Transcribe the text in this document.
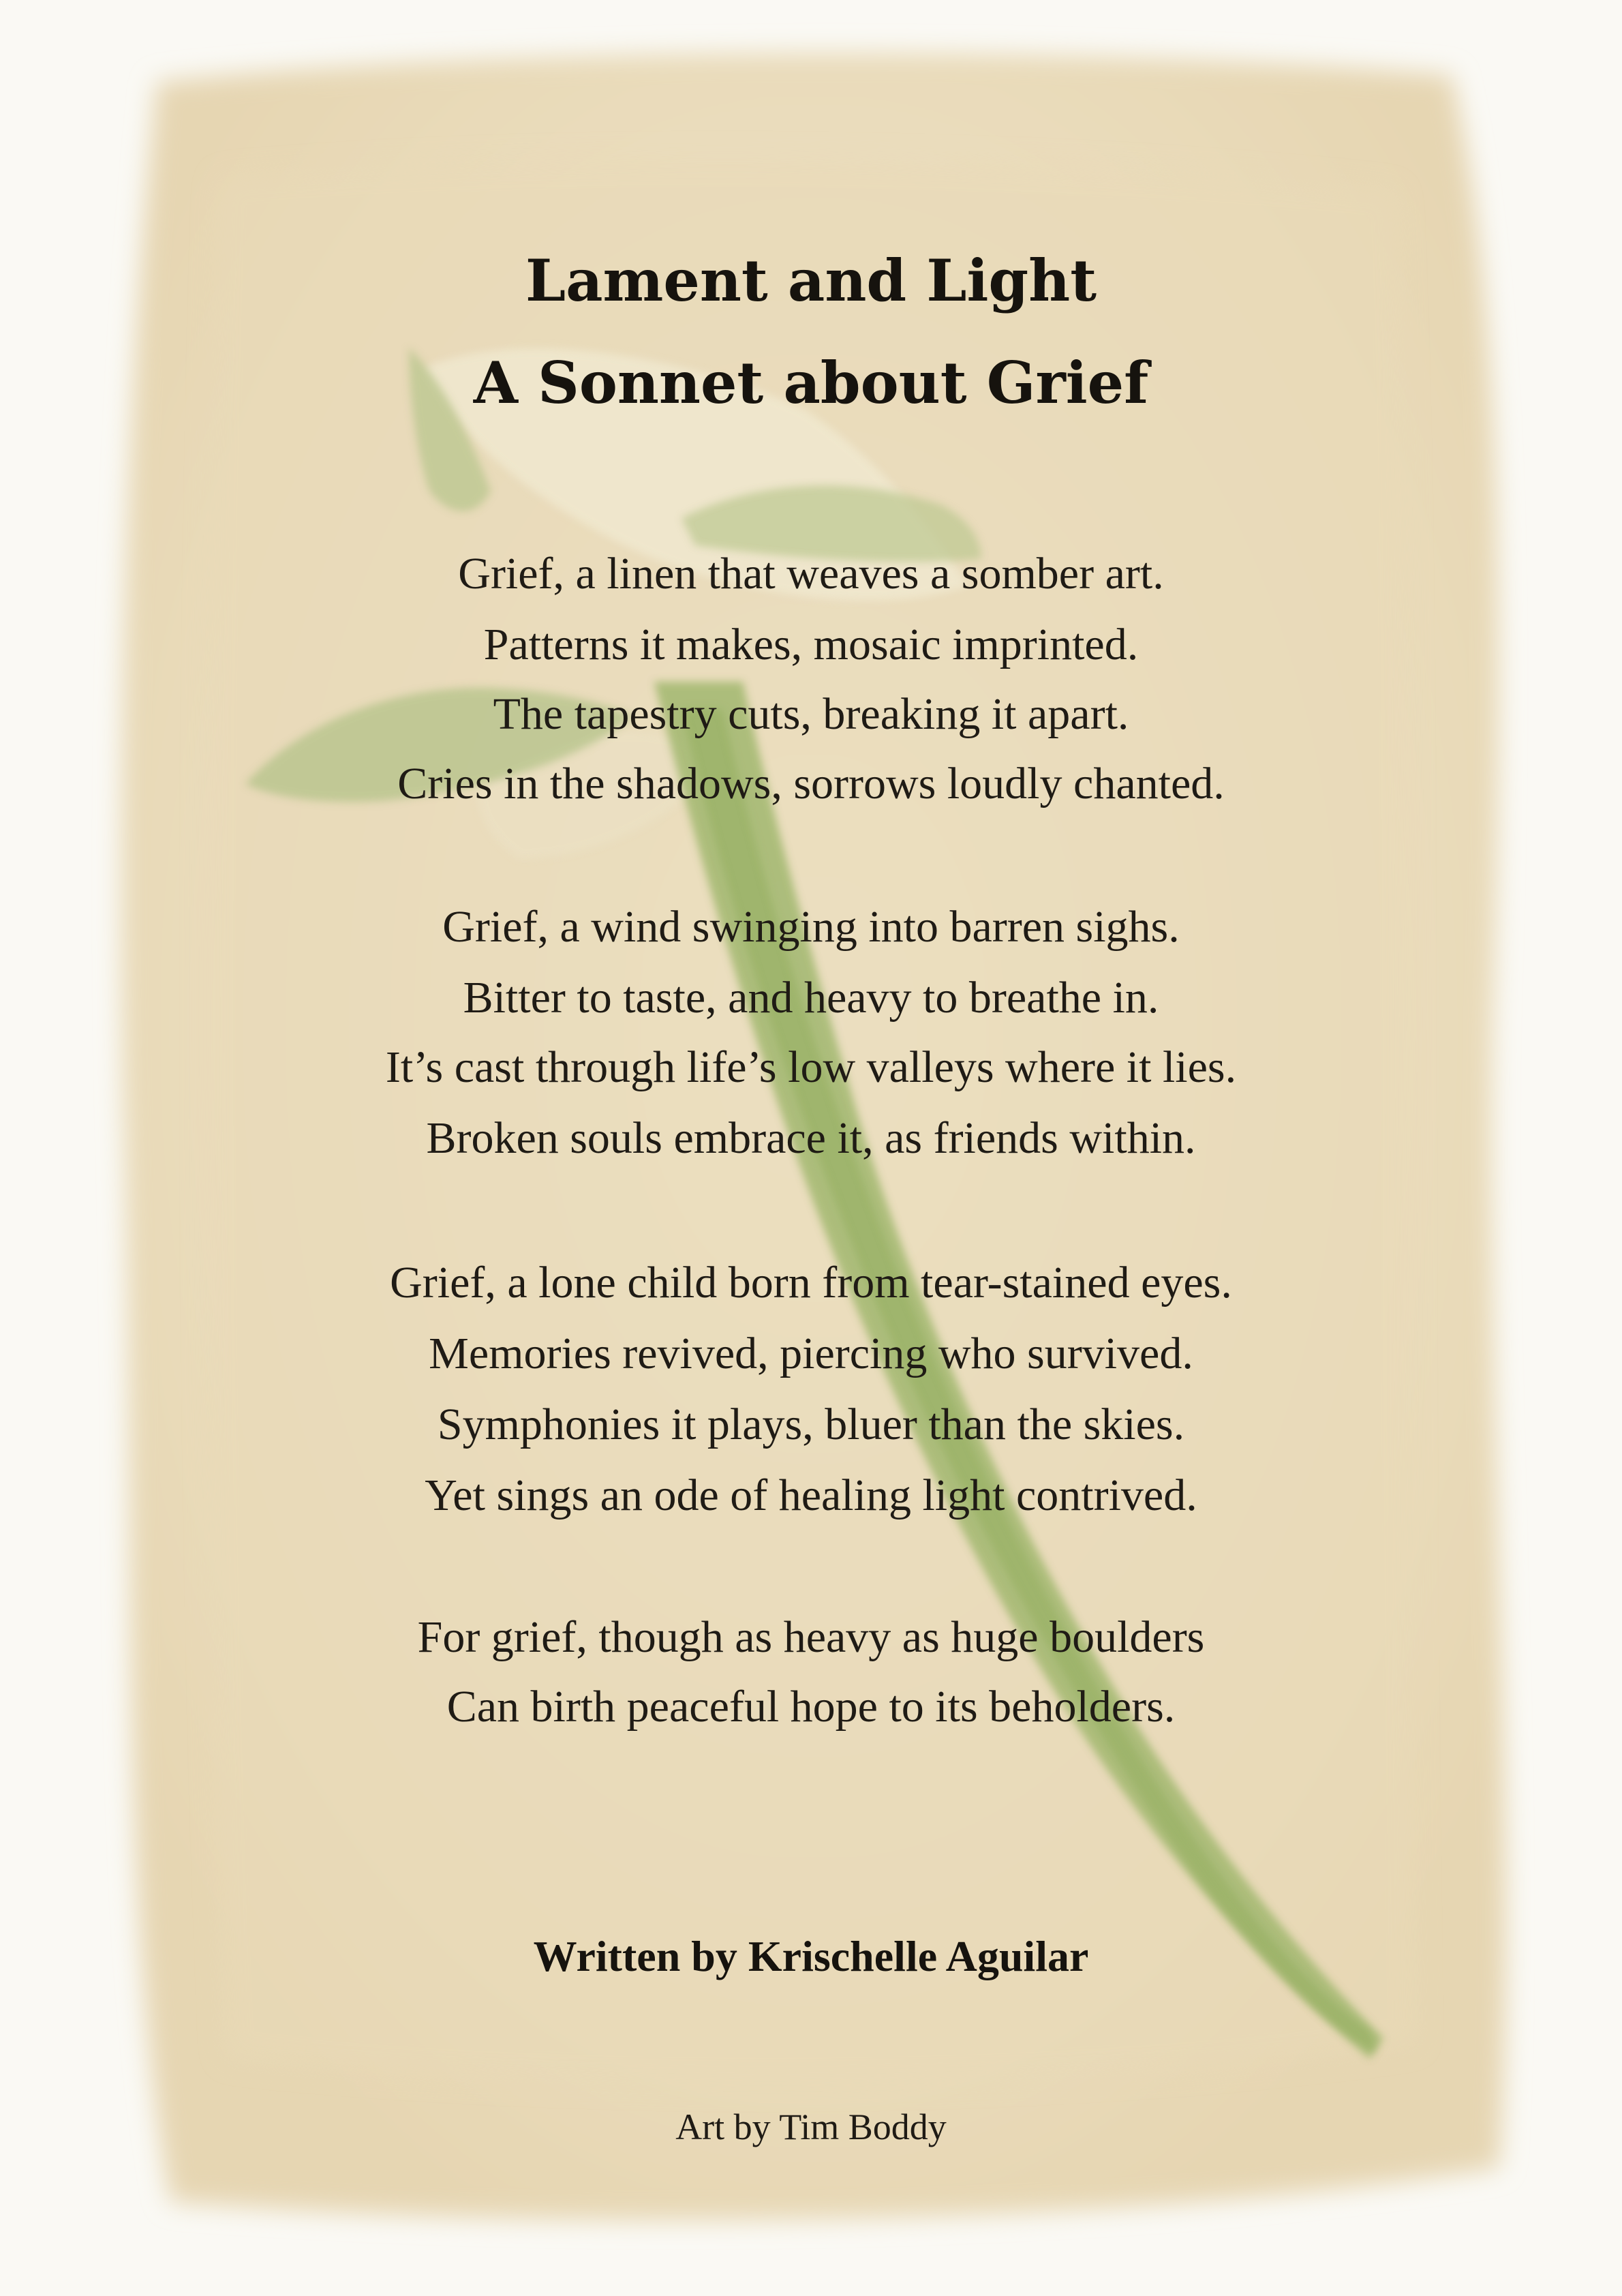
Lament and Light
A Sonnet about Grief
Grief, a linen that weaves a somber art.
Patterns it makes, mosaic imprinted.
The tapestry cuts, breaking it apart.
Cries in the shadows, sorrows loudly chanted.
Grief, a wind swinging into barren sighs.
Bitter to taste, and heavy to breathe in.
It’s cast through life’s low valleys where it lies.
Broken souls embrace it, as friends within.
Grief, a lone child born from tear-stained eyes.
Memories revived, piercing who survived.
Symphonies it plays, bluer than the skies.
Yet sings an ode of healing light contrived.
For grief, though as heavy as huge boulders
Can birth peaceful hope to its beholders.
Written by Krischelle Aguilar
Art by Tim Boddy
